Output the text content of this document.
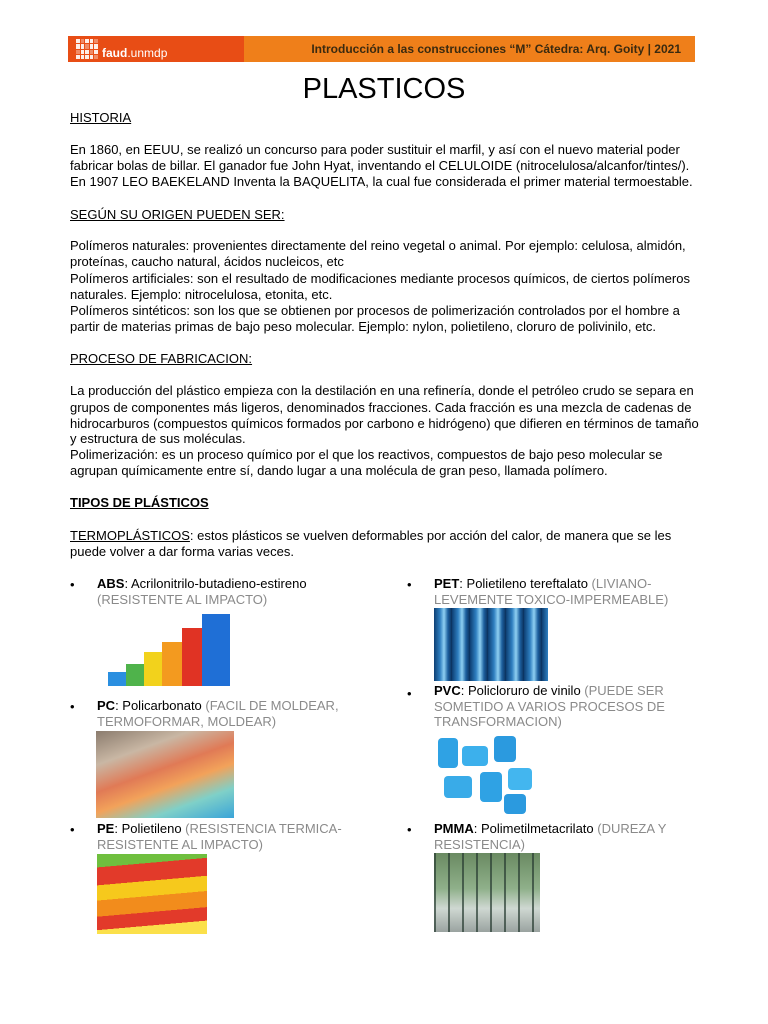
faud.unmdp	Introducción a las construcciones “M” Cátedra: Arq. Goity | 2021
PLASTICOS
HISTORIA
En 1860, en EEUU, se realizó un concurso para poder sustituir el marfil, y así con el nuevo material poder
fabricar bolas de billar. El ganador fue John Hyat, inventando el CELULOIDE (nitrocelulosa/alcanfor/tintes/).
En 1907 LEO BAEKELAND Inventa la BAQUELITA, la cual fue considerada el primer material termoestable.
SEGÚN SU ORIGEN PUEDEN SER:
Polímeros naturales: provenientes directamente del reino vegetal o animal. Por ejemplo: celulosa, almidón,
proteínas, caucho natural, ácidos nucleicos, etc
Polímeros artificiales: son el resultado de modificaciones mediante procesos químicos, de ciertos polímeros
naturales. Ejemplo: nitrocelulosa, etonita, etc.
Polímeros sintéticos: son los que se obtienen por procesos de polimerización controlados por el hombre a
partir de materias primas de bajo peso molecular. Ejemplo: nylon, polietileno, cloruro de polivinilo, etc.
PROCESO DE FABRICACION:
La producción del plástico empieza con la destilación en una refinería, donde el petróleo crudo se separa en
grupos de componentes más ligeros, denominados fracciones. Cada fracción es una mezcla de cadenas de
hidrocarburos (compuestos químicos formados por carbono e hidrógeno) que difieren en términos de tamaño
y estructura de sus moléculas.
Polimerización: es un proceso químico por el que los reactivos, compuestos de bajo peso molecular se
agrupan químicamente entre sí, dando lugar a una molécula de gran peso, llamada polímero.
TIPOS DE PLÁSTICOS
TERMOPLÁSTICOS: estos plásticos se vuelven deformables por acción del calor, de manera que se les
puede volver a dar forma varias veces.
• ABS: Acrilonitrilo-butadieno-estireno
(RESISTENTE AL IMPACTO)
• PC: Policarbonato (FACIL DE MOLDEAR,
TERMOFORMAR, MOLDEAR)
• PE: Polietileno (RESISTENCIA TERMICA-
RESISTENTE AL IMPACTO)
• PET: Polietileno tereftalato (LIVIANO-
LEVEMENTE TOXICO-IMPERMEABLE)
• PVC: Policloruro de vinilo (PUEDE SER
SOMETIDO A VARIOS PROCESOS DE
TRANSFORMACION)
• PMMA: Polimetilmetacrilato (DUREZA Y
RESISTENCIA)
